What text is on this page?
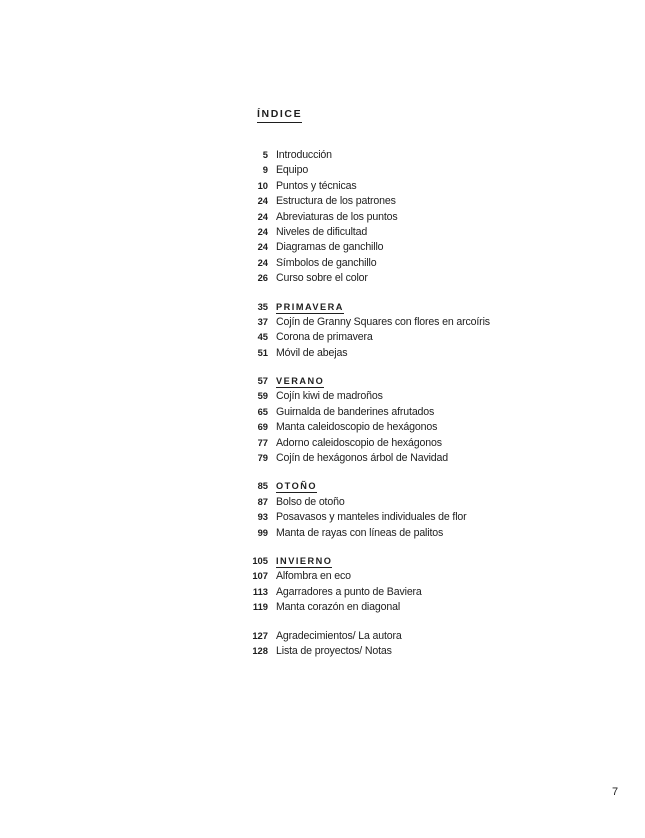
ÍNDICE
5 Introducción
9 Equipo
10 Puntos y técnicas
24 Estructura de los patrones
24 Abreviaturas de los puntos
24 Niveles de dificultad
24 Diagramas de ganchillo
24 Símbolos de ganchillo
26 Curso sobre el color
35 PRIMAVERA
37 Cojín de Granny Squares con flores en arcoíris
45 Corona de primavera
51 Móvil de abejas
57 VERANO
59 Cojín kiwi de madroños
65 Guirnalda de banderines afrutados
69 Manta caleidoscopio de hexágonos
77 Adorno caleidoscopio de hexágonos
79 Cojín de hexágonos árbol de Navidad
85 OTOÑO
87 Bolso de otoño
93 Posavasos y manteles individuales de flor
99 Manta de rayas con líneas de palitos
105 INVIERNO
107 Alfombra en eco
113 Agarradores a punto de Baviera
119 Manta corazón en diagonal
127 Agradecimientos/ La autora
128 Lista de proyectos/ Notas
7
